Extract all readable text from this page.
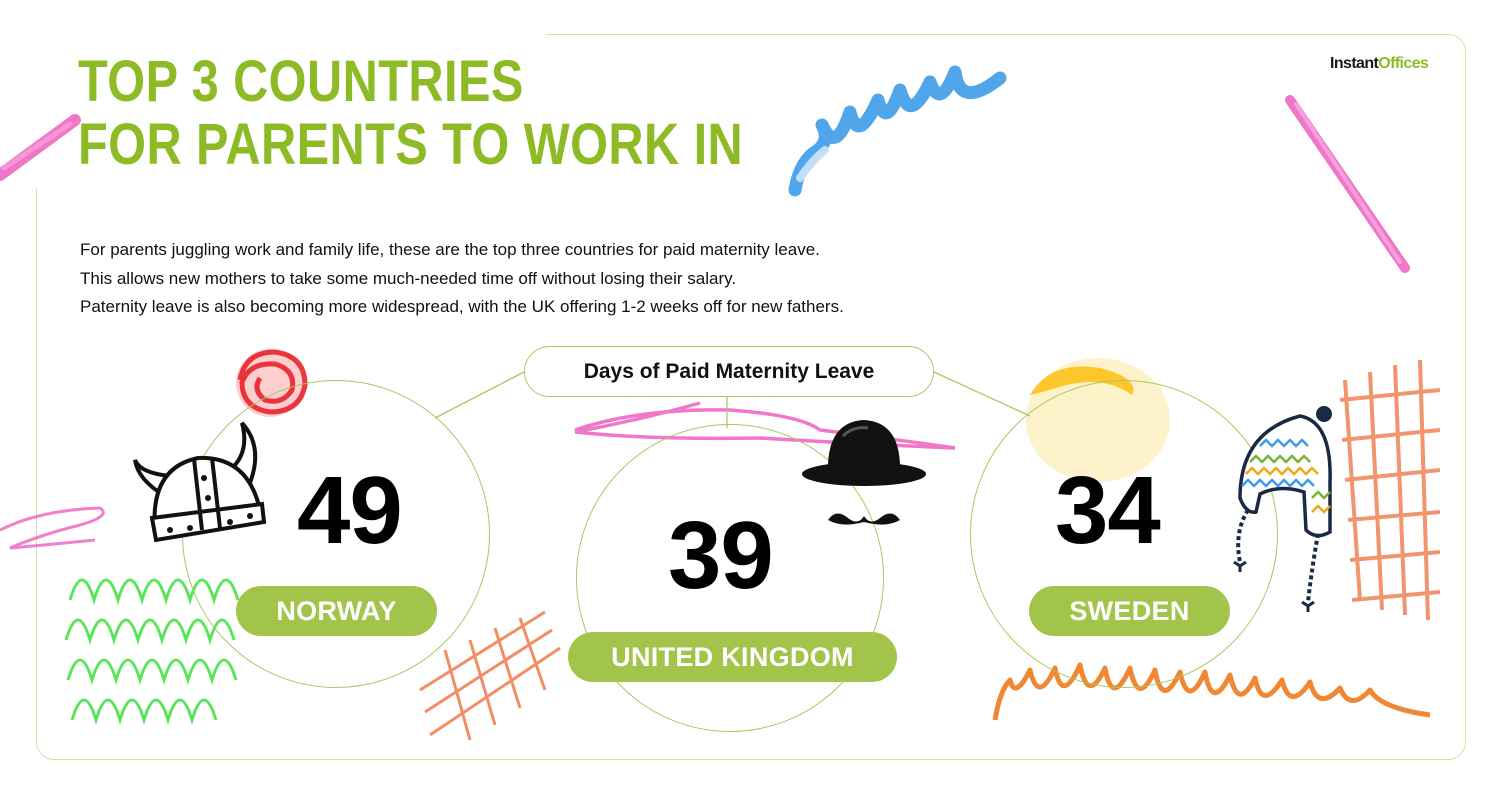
TOP 3 COUNTRIES
FOR PARENTS TO WORK IN
InstantOffices

For parents juggling work and family life, these are the top three countries for paid maternity leave.
This allows new mothers to take some much-needed time off without losing their salary.
Paternity leave is also becoming more widespread, with the UK offering 1-2 weeks off for new fathers.

Days of Paid Maternity Leave
49
NORWAY
39
UNITED KINGDOM
34
SWEDEN
